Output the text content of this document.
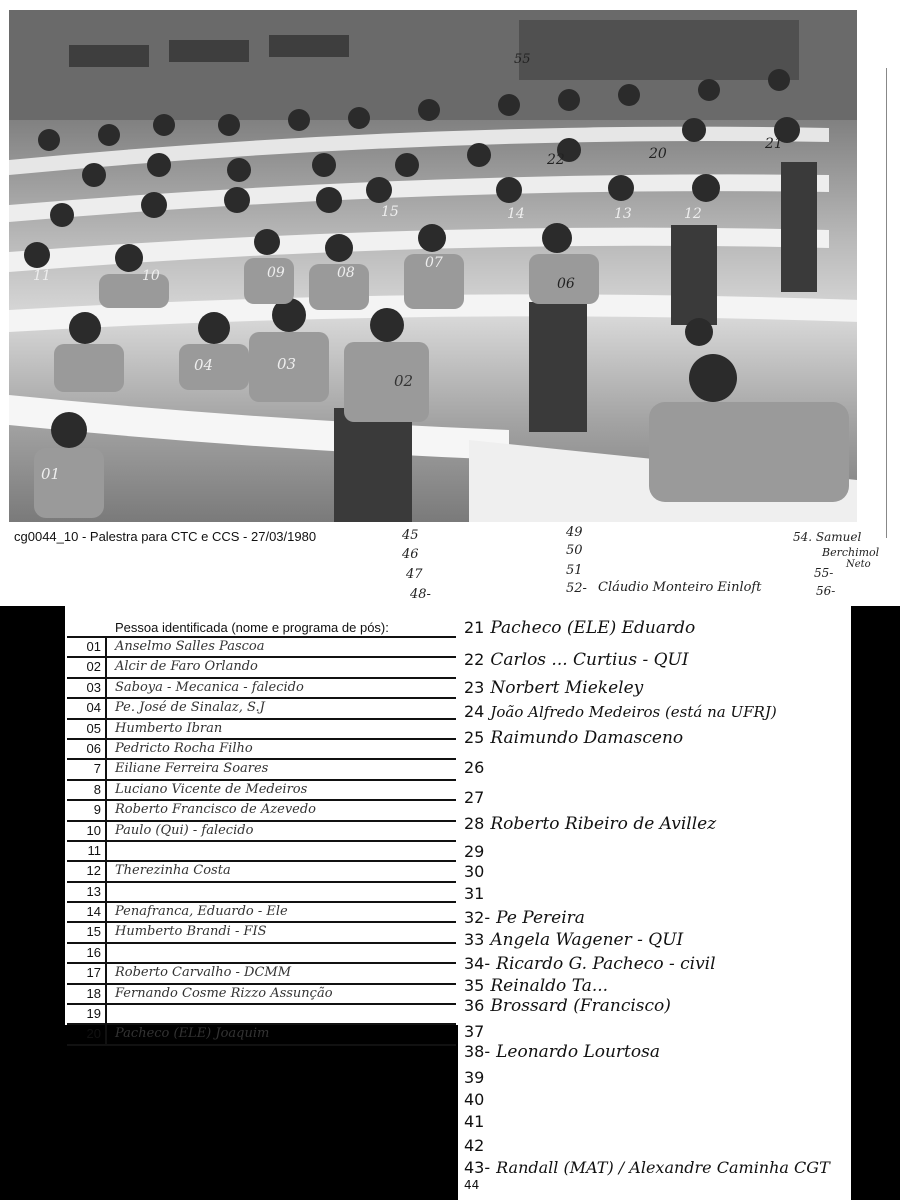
01
02
03
04
06
07
08
09
10
11
12
13
14
15
20
21
22
55
cg0044_10 - Palestra para CTC e CCS - 27/03/1980	45
46
47
48-
49
50
51
52- Cláudio Monteiro Einloft
54. Samuel
Berchimol
Neto
55-
56-
Pessoa identificada (nome e programa de pós):
01	Anselmo Salles Pascoa
02	Alcir de Faro Orlando
03	Saboya - Mecanica - falecido
04	Pe. José de Sinalaz, S.J
05	Humberto Ibran
06	Pedricto Rocha Filho
7	Eiliane Ferreira Soares
8	Luciano Vicente de Medeiros
9	Roberto Francisco de Azevedo
10	Paulo (Qui) - falecido
11
12	Therezinha Costa
13
14	Penafranca, Eduardo - Ele
15	Humberto Brandi - FIS
16
17	Roberto Carvalho - DCMM
18	Fernando Cosme Rizzo Assunção
19
20	Pacheco (ELE) Joaquim
21 Pacheco (ELE) Eduardo
22 Carlos ... Curtius - QUI
23 Norbert Miekeley
24 João Alfredo Medeiros (está na UFRJ)
25 Raimundo Damasceno
26
27
28 Roberto Ribeiro de Avillez
29
30
31
32- Pe Pereira
33 Angela Wagener - QUI
34- Ricardo G. Pacheco - civil
35 Reinaldo Ta...
36 Brossard (Francisco)
37
38- Leonardo Lourtosa
39
40
41
42
43- Randall (MAT) / Alexandre Caminha CGT
44
